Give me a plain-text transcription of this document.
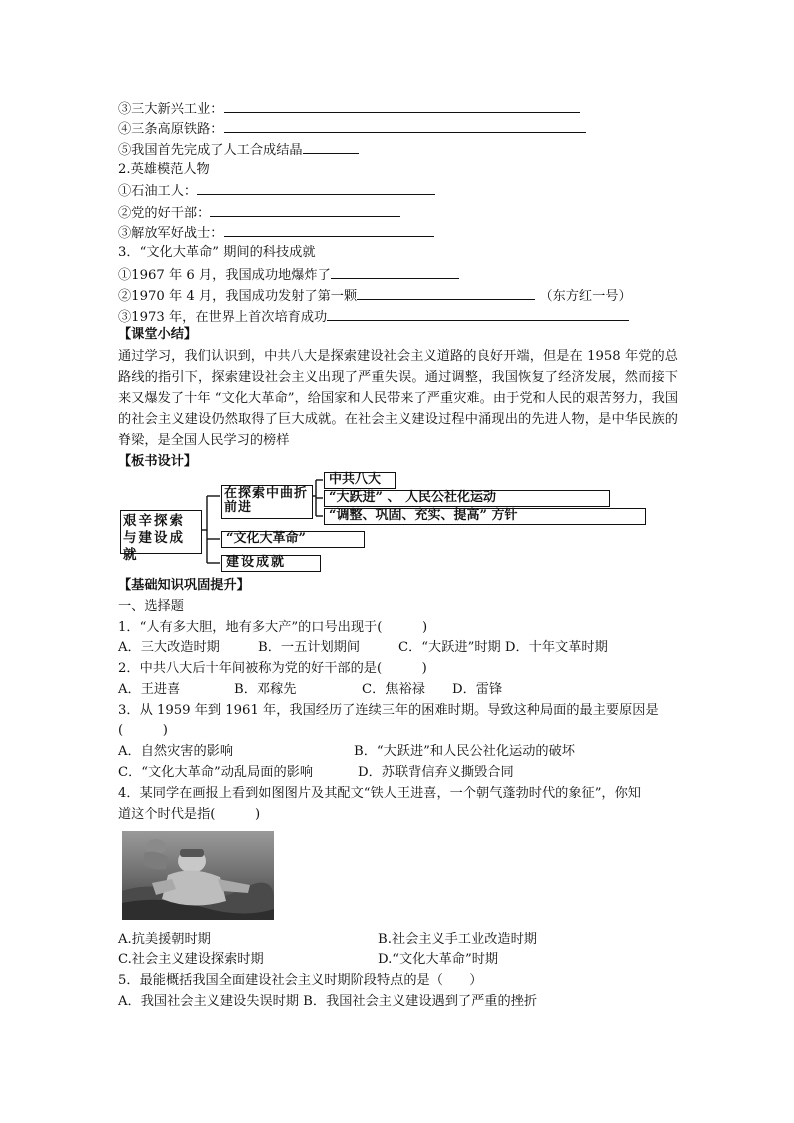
③三大新兴工业：
④三条高原铁路：
⑤我国首先完成了人工合成结晶
2.英雄模范人物
①石油工人：
②党的好干部：
③解放军好战士：
3．“文化大革命” 期间的科技成就
①1967 年 6 月，我国成功地爆炸了
②1970 年 4 月，我国成功发射了第一颗	（东方红一号）
③1973 年，在世界上首次培育成功
【课堂小结】
通过学习，我们认识到，中共八大是探索建设社会主义道路的良好开端，但是在 1958 年党的总路线的指引下，探索建设社会主义出现了严重失误。通过调整，我国恢复了经济发展，然而接下来又爆发了十年 “文化大革命”，给国家和人民带来了严重灾难。由于党和人民的艰苦努力，我国的社会主义建设仍然取得了巨大成就。在社会主义建设过程中涌现出的先进人物，是中华民族的脊梁，是全国人民学习的榜样
【板书设计】
艰辛探索与建设成就
在探索中曲折前进
中共八大
“大跃进” 、 人民公社化运动
“调整、巩固、充实、提高” 方针
“文化大革命”
建设成就
【基础知识巩固提升】
一、选择题
1．“人有多大胆，地有多大产”的口号出现于(　　　)
A．三大改造时期	B．一五计划期间	C．“大跃进”时期 D．十年文革时期
2．中共八大后十年间被称为党的好干部的是(　　　)
A．王进喜	B．邓稼先	C．焦裕禄 D．雷锋
3．从 1959 年到 1961 年，我国经历了连续三年的困难时期。导致这种局面的最主要原因是
(　　　)
A．自然灾害的影响	B．“大跃进”和人民公社化运动的破坏
C．“文化大革命”动乱局面的影响	D．苏联背信弃义撕毁合同
4．某同学在画报上看到如图图片及其配文“铁人王进喜，一个朝气蓬勃时代的象征”，你知
道这个时代是指(　　　)
A.抗美援朝时期	B.社会主义手工业改造时期
C.社会主义建设探索时期	D.“文化大革命”时期
5．最能概括我国全面建设社会主义时期阶段特点的是（　　）
A．我国社会主义建设失误时期 B．我国社会主义建设遇到了严重的挫折
